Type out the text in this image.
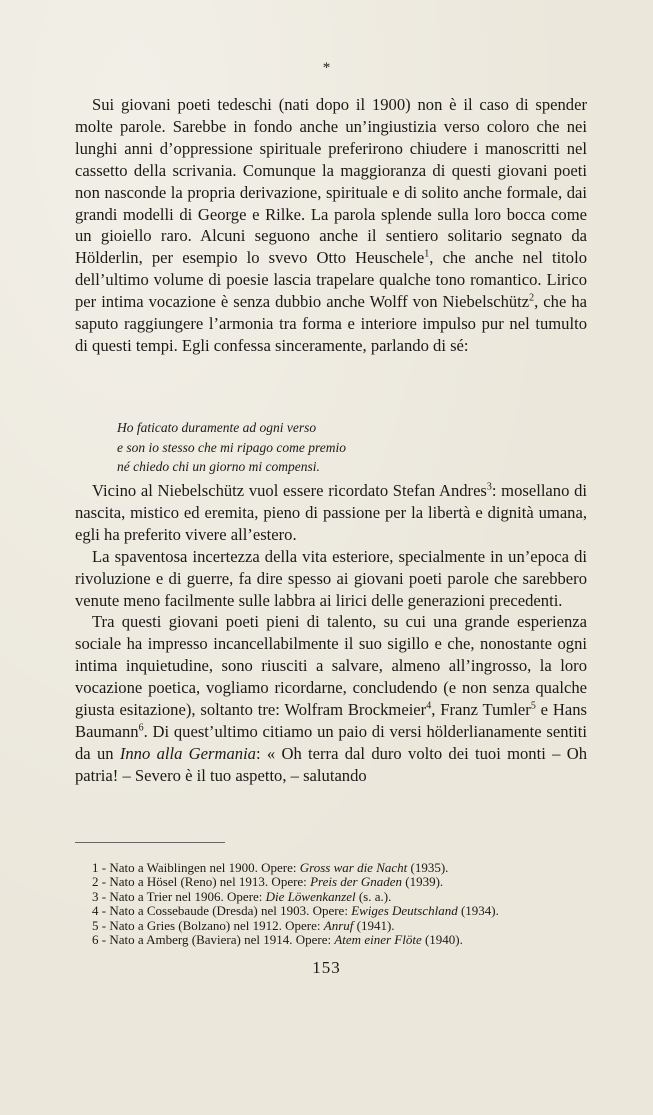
*

Sui giovani poeti tedeschi (nati dopo il 1900) non è il caso di spender molte parole. Sarebbe in fondo anche un’ingiustizia verso coloro che nei lunghi anni d’oppressione spirituale preferirono chiudere i manoscritti nel cassetto della scrivania. Comunque la maggioranza di questi giovani poeti non nasconde la propria derivazione, spirituale e di solito anche formale, dai grandi modelli di George e Rilke. La parola splende sulla loro bocca come un gioiello raro. Alcuni seguono anche il sentiero solitario segnato da Hölderlin, per esempio lo svevo Otto Heuschele$^1$, che anche nel titolo dell’ultimo volume di poesie lascia trapelare qualche tono romantico. Lirico per intima vocazione è senza dubbio anche Wolff von Niebelschütz$^2$, che ha saputo raggiungere l’armonia tra forma e interiore impulso pur nel tumulto di questi tempi. Egli confessa sinceramente, parlando di sé:

Ho faticato duramente ad ogni verso
e son io stesso che mi ripago come premio
né chiedo chi un giorno mi compensi.

Vicino al Niebelschütz vuol essere ricordato Stefan Andres$^3$: mosellano di nascita, mistico ed eremita, pieno di passione per la libertà e dignità umana, egli ha preferito vivere all’estero.

La spaventosa incertezza della vita esteriore, specialmente in un’epoca di rivoluzione e di guerre, fa dire spesso ai giovani poeti parole che sarebbero venute meno facilmente sulle labbra ai lirici delle generazioni precedenti.

Tra questi giovani poeti pieni di talento, su cui una grande esperienza sociale ha impresso incancellabilmente il suo sigillo e che, nonostante ogni intima inquietudine, sono riusciti a salvare, almeno all’ingrosso, la loro vocazione poetica, vogliamo ricordarne, concludendo (e non senza qualche giusta esitazione), soltanto tre: Wolfram Brockmeier$^4$, Franz Tumler$^5$ e Hans Baumann$^6$. Di quest’ultimo citiamo un paio di versi hölderlianamente sentiti da un Inno alla Germania: « Oh terra dal duro volto dei tuoi monti – Oh patria! – Severo è il tuo aspetto, – salutando

1 - Nato a Waiblingen nel 1900. Opere: Gross war die Nacht (1935).
2 - Nato a Hösel (Reno) nel 1913. Opere: Preis der Gnaden (1939).
3 - Nato a Trier nel 1906. Opere: Die Löwenkanzel (s. a.).
4 - Nato a Cossebaude (Dresda) nel 1903. Opere: Ewiges Deutschland (1934).
5 - Nato a Gries (Bolzano) nel 1912. Opere: Anruf (1941).
6 - Nato a Amberg (Baviera) nel 1914. Opere: Atem einer Flöte (1940).
153
